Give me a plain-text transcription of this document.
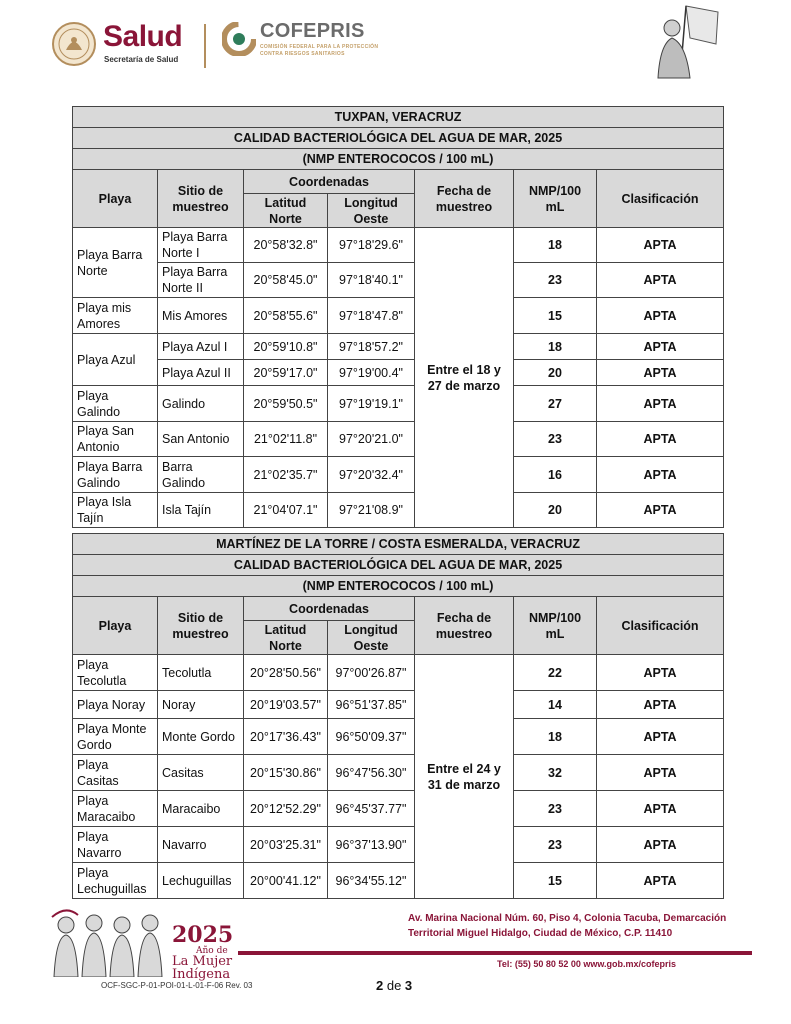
Salud
Secretaría de Salud
COFEPRIS
COMISIÓN FEDERAL PARA LA PROTECCIÓN
CONTRA RIESGOS SANITARIOS
TUXPAN, VERACRUZ						
CALIDAD BACTERIOLÓGICA DEL AGUA DE MAR, 2025						
(NMP ENTEROCOCOS / 100 mL)						
Playa	Sitio de muestreo	Coordenadas		Fecha de muestreo	NMP/100 mL	Clasificación
		Latitud Norte	Longitud Oeste			
Playa Barra Norte	Playa Barra Norte I	20°58'32.8"	97°18'29.6"	Entre el 18 y 27 de marzo	18	APTA
	Playa Barra Norte II	20°58'45.0"	97°18'40.1"		23	APTA
Playa mis Amores	Mis Amores	20°58'55.6"	97°18'47.8"		15	APTA
Playa Azul	Playa Azul I	20°59'10.8"	97°18'57.2"		18	APTA
	Playa Azul II	20°59'17.0"	97°19'00.4"		20	APTA
Playa Galindo	Galindo	20°59'50.5"	97°19'19.1"		27	APTA
Playa San Antonio	San Antonio	21°02'11.8"	97°20'21.0"		23	APTA
Playa Barra Galindo	Barra Galindo	21°02'35.7"	97°20'32.4"		16	APTA
Playa Isla Tajín	Isla Tajín	21°04'07.1"	97°21'08.9"		20	APTA
MARTÍNEZ DE LA TORRE / COSTA ESMERALDA, VERACRUZ						
CALIDAD BACTERIOLÓGICA DEL AGUA DE MAR, 2025						
(NMP ENTEROCOCOS / 100 mL)						
Playa	Sitio de muestreo	Coordenadas		Fecha de muestreo	NMP/100 mL	Clasificación
		Latitud Norte	Longitud Oeste			
Playa Tecolutla	Tecolutla	20°28'50.56"	97°00'26.87"	Entre el 24 y 31 de marzo	22	APTA
Playa Noray	Noray	20°19'03.57"	96°51'37.85"		14	APTA
Playa Monte Gordo	Monte Gordo	20°17'36.43"	96°50'09.37"		18	APTA
Playa Casitas	Casitas	20°15'30.86"	96°47'56.30"		32	APTA
Playa Maracaibo	Maracaibo	20°12'52.29"	96°45'37.77"		23	APTA
Playa Navarro	Navarro	20°03'25.31"	96°37'13.90"		23	APTA
Playa Lechuguillas	Lechuguillas	20°00'41.12"	96°34'55.12"		15	APTA
2025
Año de
La Mujer
Indígena
Av. Marina Nacional Núm. 60, Piso 4, Colonia Tacuba, Demarcación
Territorial Miguel Hidalgo, Ciudad de México, C.P. 11410
Tel: (55) 50 80 52 00 www.gob.mx/cofepris
OCF-SGC-P-01-POI-01-L-01-F-06 Rev. 03	2 de 3
